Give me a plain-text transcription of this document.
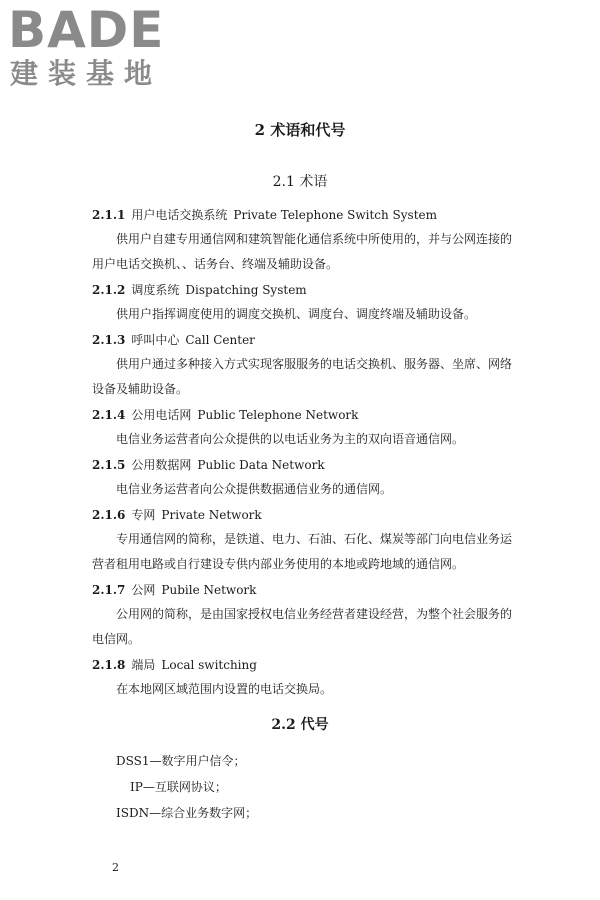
BADE
建装基地
2 术语和代号
2.1 术语
2.1.1 用户电话交换系统 Private Telephone Switch System
供用户自建专用通信网和建筑智能化通信系统中所使用的，并与公网连接的用户电话交换机、、话务台、终端及辅助设备。
2.1.2 调度系统 Dispatching System
供用户指挥调度使用的调度交换机、调度台、调度终端及辅助设备。
2.1.3 呼叫中心 Call Center
供用户通过多种接入方式实现客服服务的电话交换机、服务器、坐席、网络设备及辅助设备。
2.1.4 公用电话网 Public Telephone Network
电信业务运营者向公众提供的以电话业务为主的双向语音通信网。
2.1.5 公用数据网 Public Data Network
电信业务运营者向公众提供数据通信业务的通信网。
2.1.6 专网 Private Network
专用通信网的简称，是铁道、电力、石油、石化、煤炭等部门向电信业务运营者租用电路或自行建设专供内部业务使用的本地或跨地域的通信网。
2.1.7 公网 Pubile Network
公用网的简称，是由国家授权电信业务经营者建设经营，为整个社会服务的电信网。
2.1.8 端局 Local switching
在本地网区域范围内设置的电话交换局。
2.2 代号
DSS1—数字用户信令；
IP—互联网协议；
ISDN—综合业务数字网；
2
